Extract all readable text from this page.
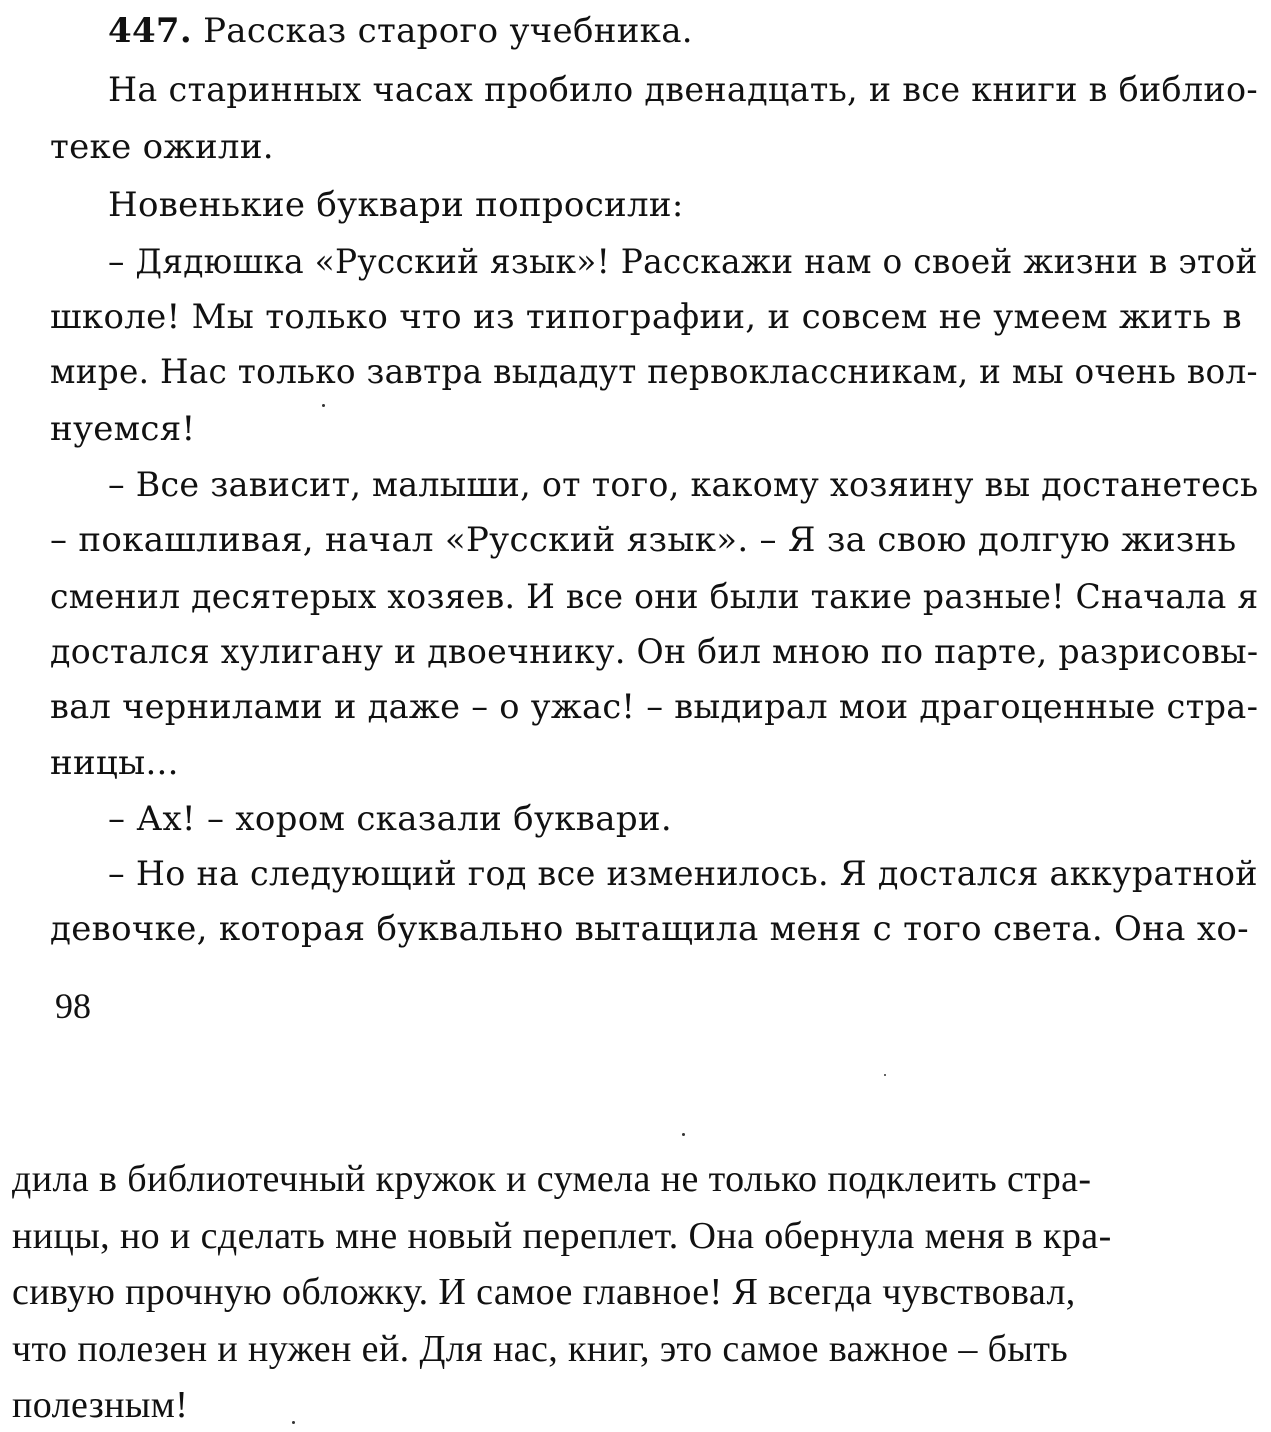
447. Рассказ старого учебника.
На старинных часах пробило двенадцать, и все книги в библио-
теке ожили.
Новенькие буквари попросили:
– Дядюшка «Русский язык»! Расскажи нам о своей жизни в этой
школе! Мы только что из типографии, и совсем не умеем жить в
мире. Нас только завтра выдадут первоклассникам, и мы очень вол-
нуемся!
– Все зависит, малыши, от того, какому хозяину вы достанетесь
– покашливая, начал «Русский язык». – Я за свою долгую жизнь
сменил десятерых хозяев. И все они были такие разные! Сначала я
достался хулигану и двоечнику. Он бил мною по парте, разрисовы-
вал чернилами и даже – о ужас! – выдирал мои драгоценные стра-
ницы...
– Ах! – хором сказали буквари.
– Но на следующий год все изменилось. Я достался аккуратной
девочке, которая буквально вытащила меня с того света. Она хо-
98
дила в библиотечный кружок и сумела не только подклеить стра-
ницы, но и сделать мне новый переплет. Она обернула меня в кра-
сивую прочную обложку. И самое главное! Я всегда чувствовал,
что полезен и нужен ей. Для нас, книг, это самое важное – быть
полезным!
